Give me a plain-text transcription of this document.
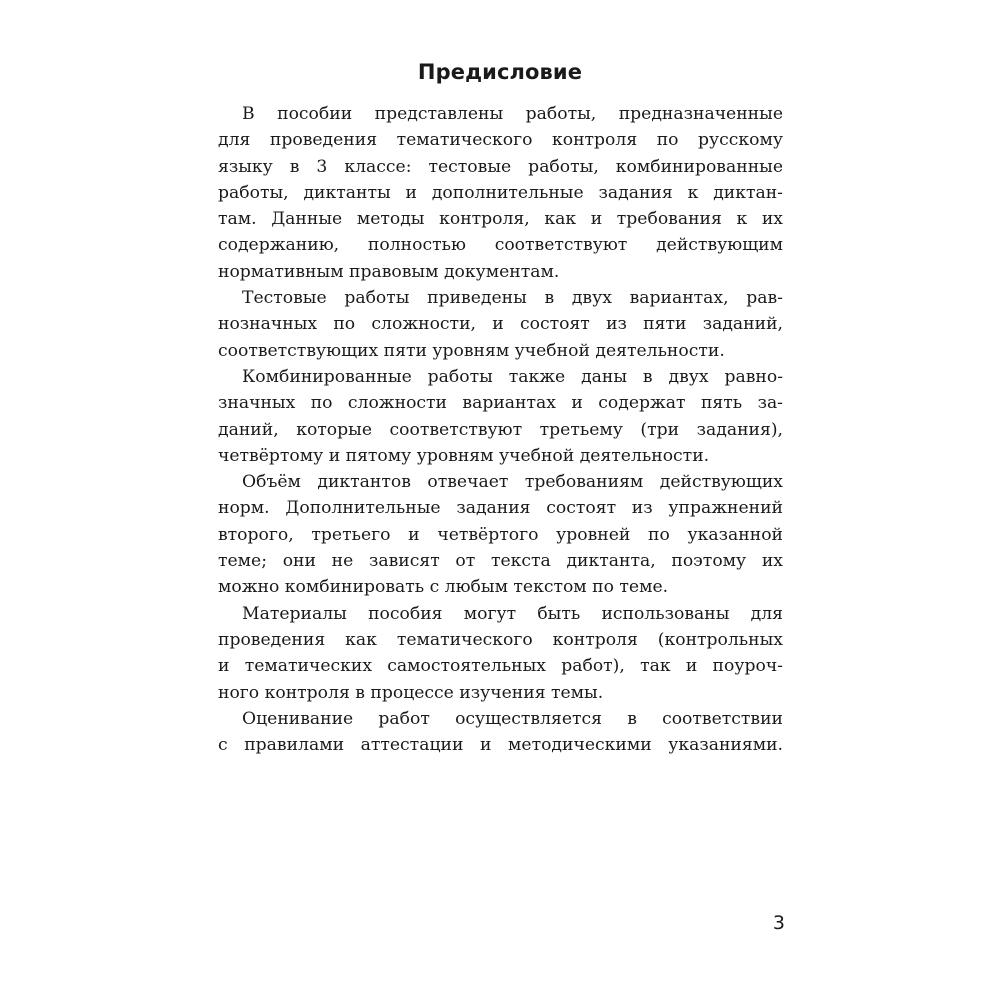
Предисловие
В пособии представлены работы, предназначенные
для проведения тематического контроля по русскому
языку в 3 классе: тестовые работы, комбинированные
работы, диктанты и дополнительные задания к диктан-
там. Данные методы контроля, как и требования к их
содержанию, полностью соответствуют действующим
нормативным правовым документам.
Тестовые работы приведены в двух вариантах, рав-
нозначных по сложности, и состоят из пяти заданий,
соответствующих пяти уровням учебной деятельности.
Комбинированные работы также даны в двух равно-
значных по сложности вариантах и содержат пять за-
даний, которые соответствуют третьему (три задания),
четвёртому и пятому уровням учебной деятельности.
Объём диктантов отвечает требованиям действующих
норм. Дополнительные задания состоят из упражнений
второго, третьего и четвёртого уровней по указанной
теме; они не зависят от текста диктанта, поэтому их
можно комбинировать с любым текстом по теме.
Материалы пособия могут быть использованы для
проведения как тематического контроля (контрольных
и тематических самостоятельных работ), так и поуроч-
ного контроля в процессе изучения темы.
Оценивание работ осуществляется в соответствии
с правилами аттестации и методическими указаниями.
3
